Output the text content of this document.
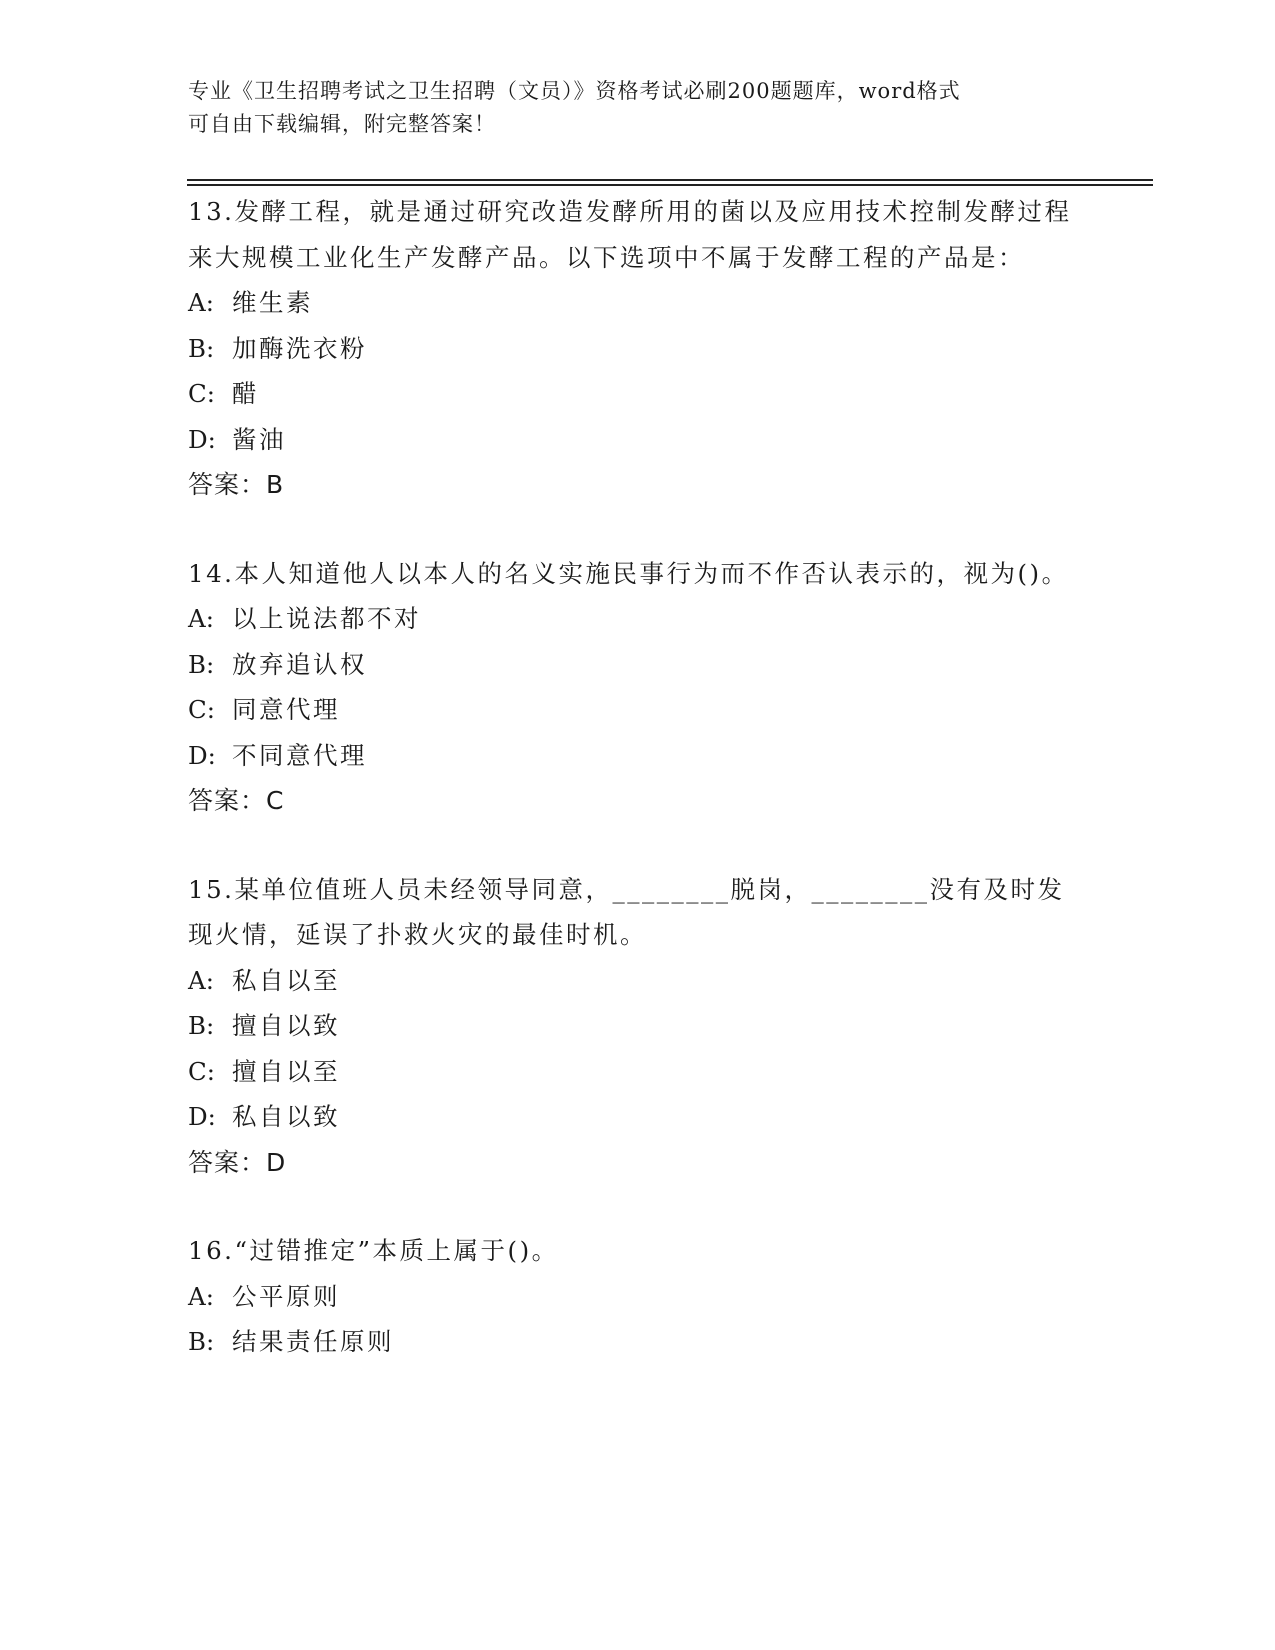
专业《卫生招聘考试之卫生招聘（文员）》资格考试必刷200题题库，word格式
可自由下载编辑，附完整答案！
13.发酵工程，就是通过研究改造发酵所用的菌以及应用技术控制发酵过程来大规模工业化生产发酵产品。以下选项中不属于发酵工程的产品是：
A: 维生素
B: 加酶洗衣粉
C: 醋
D: 酱油
答案：B
14.本人知道他人以本人的名义实施民事行为而不作否认表示的，视为()。
A: 以上说法都不对
B: 放弃追认权
C: 同意代理
D: 不同意代理
答案：C
15.某单位值班人员未经领导同意，________脱岗，________没有及时发现火情，延误了扑救火灾的最佳时机。
A: 私自以至
B: 擅自以致
C: 擅自以至
D: 私自以致
答案：D
16.“过错推定”本质上属于()。
A: 公平原则
B: 结果责任原则
